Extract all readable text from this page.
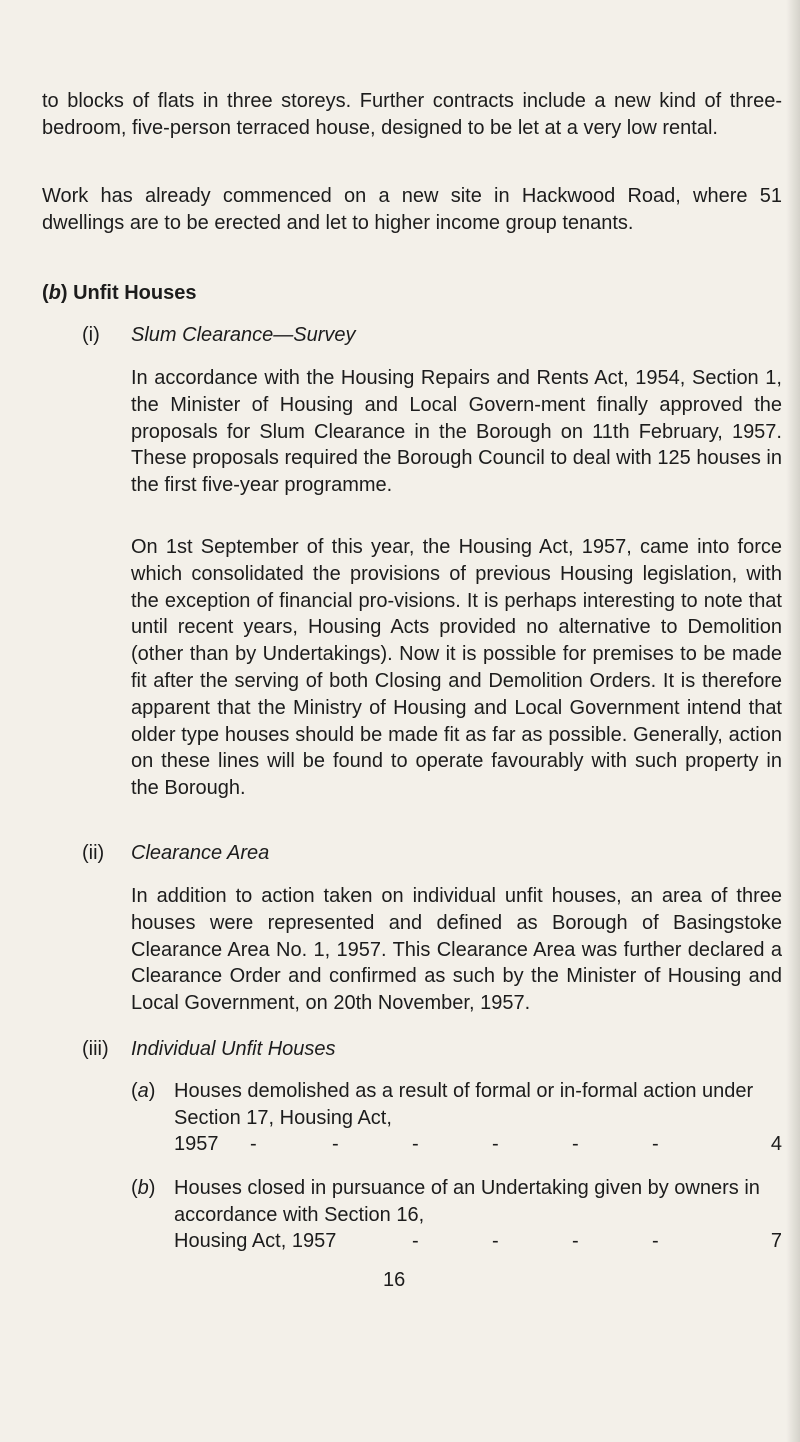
to blocks of flats in three storeys. Further contracts include a new kind of three-bedroom, five-person terraced house, designed to be let at a very low rental.

Work has already commenced on a new site in Hackwood Road, where 51 dwellings are to be erected and let to higher income group tenants.

(b) Unfit Houses
(i) Slum Clearance—Survey

In accordance with the Housing Repairs and Rents Act, 1954, Section 1, the Minister of Housing and Local Govern-ment finally approved the proposals for Slum Clearance in the Borough on 11th February, 1957. These proposals required the Borough Council to deal with 125 houses in the first five-year programme.

On 1st September of this year, the Housing Act, 1957, came into force which consolidated the provisions of previous Housing legislation, with the exception of financial pro-visions. It is perhaps interesting to note that until recent years, Housing Acts provided no alternative to Demolition (other than by Undertakings). Now it is possible for premises to be made fit after the serving of both Closing and Demolition Orders. It is therefore apparent that the Ministry of Housing and Local Government intend that older type houses should be made fit as far as possible. Generally, action on these lines will be found to operate favourably with such property in the Borough.

(ii) Clearance Area

In addition to action taken on individual unfit houses, an area of three houses were represented and defined as Borough of Basingstoke Clearance Area No. 1, 1957. This Clearance Area was further declared a Clearance Order and confirmed as such by the Minister of Housing and Local Government, on 20th November, 1957.

(iii) Individual Unfit Houses
(a) Houses demolished as a result of formal or in-formal action under Section 17, Housing Act,

1957 -	-	-	-	-	-	4
(b) Houses closed in pursuance of an Undertaking given by owners in accordance with Section 16,

Housing Act, 1957	-	-	-	-	7
16
